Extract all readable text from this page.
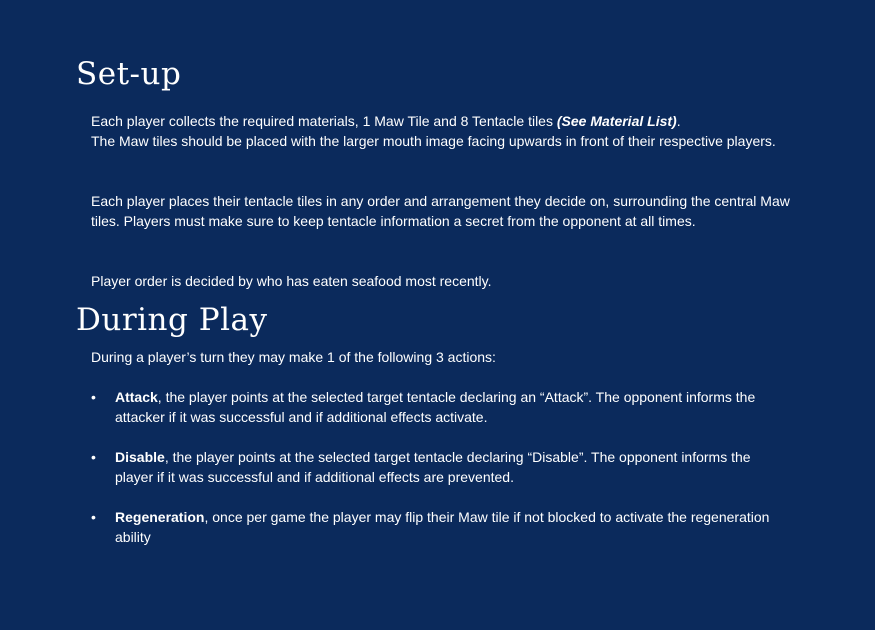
Set-up

Each player collects the required materials, 1 Maw Tile and 8 Tentacle tiles (See Material List).
The Maw tiles should be placed with the larger mouth image facing upwards in front of their respective players.

Each player places their tentacle tiles in any order and arrangement they decide on, surrounding the central Maw tiles. Players must make sure to keep tentacle information a secret from the opponent at all times.

Player order is decided by who has eaten seafood most recently.

During Play

During a player’s turn they may make 1 of the following 3 actions:

•	Attack, the player points at the selected target tentacle declaring an “Attack”. The opponent informs the attacker if it was successful and if additional effects activate.
•	Disable, the player points at the selected target tentacle declaring “Disable”. The opponent informs the player if it was successful and if additional effects are prevented.
•	Regeneration, once per game the player may flip their Maw tile if not blocked to activate the regeneration ability
